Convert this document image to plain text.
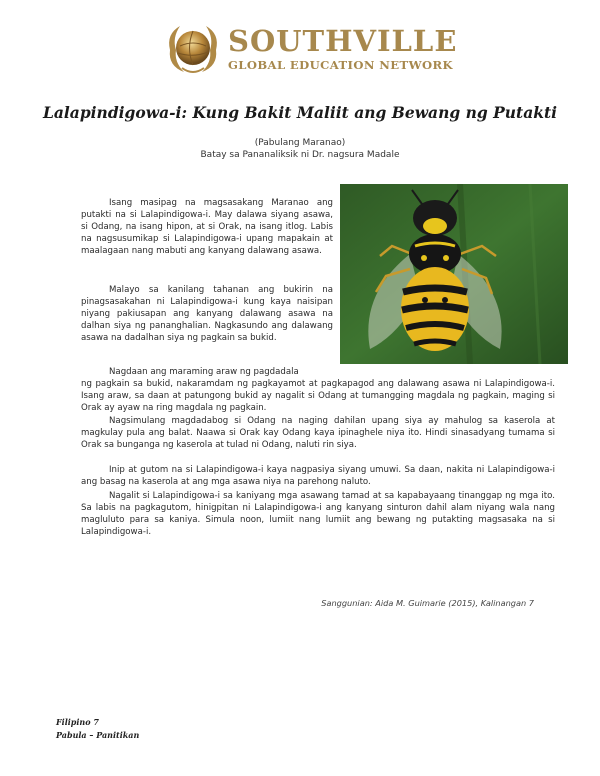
SOUTHVILLE
GLOBAL EDUCATION NETWORK
Lalapindigowa-i: Kung Bakit Maliit ang Bewang ng Putakti
(Pabulang Maranao)
Batay sa Pananaliksik ni Dr. nagsura Madale

Isang masipag na magsasakang Maranao ang putakti na si Lalapindigowa-i. May dalawa siyang asawa, si Odang, na isang hipon, at si Orak, na isang itlog. Labis na nagsusumikap si Lalapindigowa-i upang mapakain at maalagaan nang mabuti ang kanyang dalawang asawa.

Malayo sa kanilang tahanan ang bukirin na pinagsasakahan ni Lalapindigowa-i kung kaya naisipan niyang pakiusapan ang kanyang dalawang asawa na dalhan siya ng pananghalian. Nagkasundo ang dalawang asawa na dadalhan siya ng pagkain sa bukid.

Nagdaan ang maraming araw ng pagdadala

ng pagkain sa bukid, nakaramdam ng pagkayamot at pagkapagod ang dalawang asawa ni Lalapindigowa-i. Isang araw, sa daan at patungong bukid ay nagalit si Odang at tumangging magdala ng pagkain, maging si Orak ay ayaw na ring magdala ng pagkain.

Nagsimulang magdadabog si Odang na naging dahilan upang siya ay mahulog sa kaserola at magkulay pula ang balat. Naawa si Orak kay Odang kaya ipinaghele niya ito. Hindi sinasadyang tumama si Orak sa bunganga ng kaserola at tulad ni Odang, naluti rin siya.

Inip at gutom na si Lalapindigowa-i kaya nagpasiya siyang umuwi. Sa daan, nakita ni Lalapindigowa-i ang basag na kaserola at ang mga asawa niya na parehong naluto.

Nagalit si Lalapindigowa-i sa kaniyang mga asawang tamad at sa kapabayaang tinanggap ng mga ito. Sa labis na pagkagutom, hinigpitan ni Lalapindigowa-i ang kanyang sinturon dahil alam niyang wala nang magluluto para sa kaniya. Simula noon, lumiit nang lumiit ang bewang ng putakting magsasaka na si Lalapindigowa-i.

Sanggunian: Aida M. Guimarie (2015), Kalinangan 7
Filipino 7
Pabula – Panitikan
